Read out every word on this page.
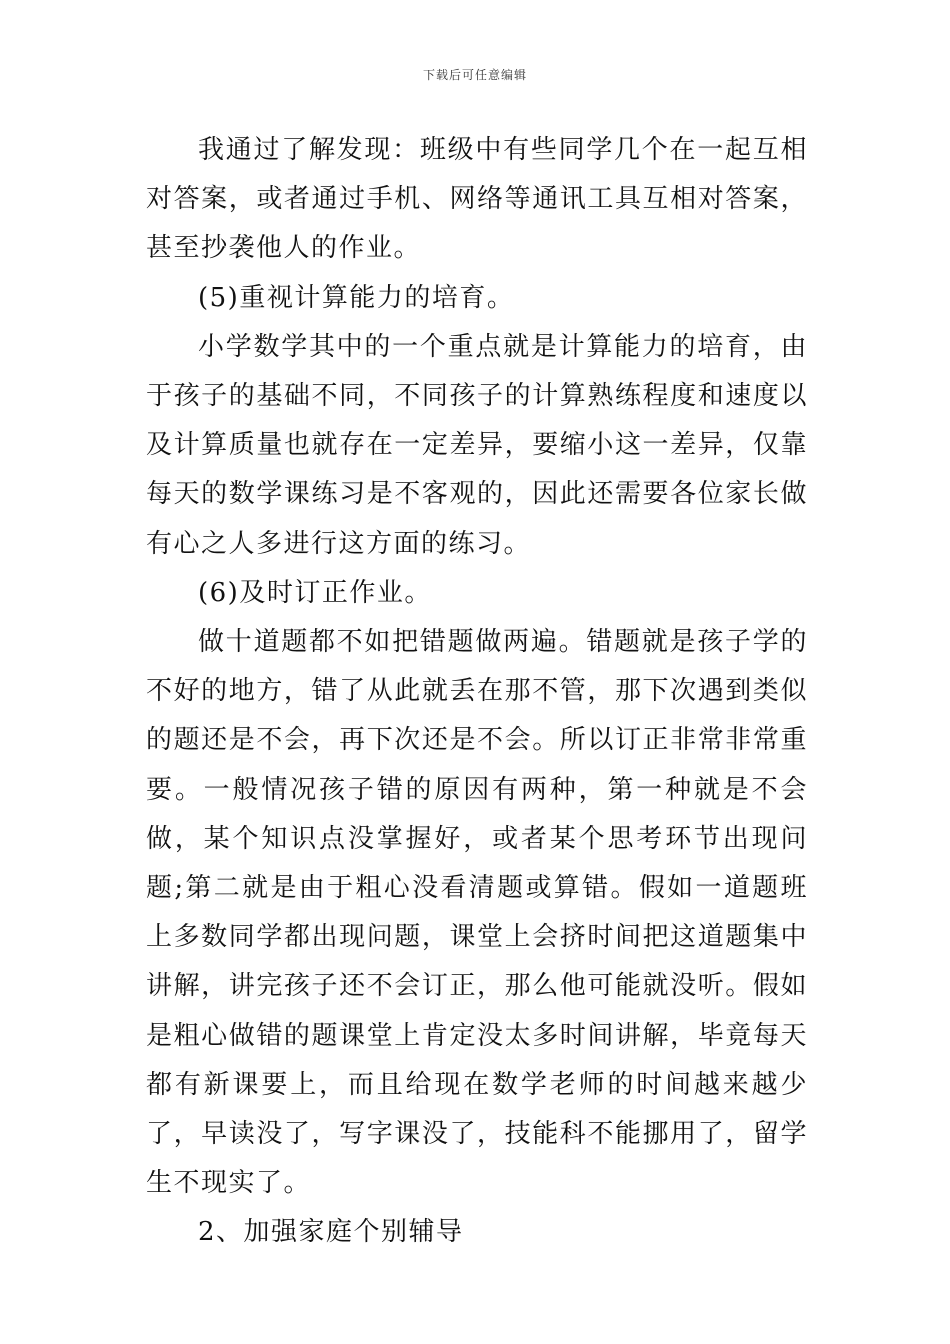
下载后可任意编辑

我通过了解发现：班级中有些同学几个在一起互相对答案，或者通过手机、网络等通讯工具互相对答案，甚至抄袭他人的作业。

(5)重视计算能力的培育。

小学数学其中的一个重点就是计算能力的培育，由于孩子的基础不同，不同孩子的计算熟练程度和速度以及计算质量也就存在一定差异，要缩小这一差异，仅靠每天的数学课练习是不客观的，因此还需要各位家长做有心之人多进行这方面的练习。

(6)及时订正作业。

做十道题都不如把错题做两遍。错题就是孩子学的不好的地方，错了从此就丢在那不管，那下次遇到类似的题还是不会，再下次还是不会。所以订正非常非常重要。一般情况孩子错的原因有两种，第一种就是不会做，某个知识点没掌握好，或者某个思考环节出现问题;第二就是由于粗心没看清题或算错。假如一道题班上多数同学都出现问题，课堂上会挤时间把这道题集中讲解，讲完孩子还不会订正，那么他可能就没听。假如是粗心做错的题课堂上肯定没太多时间讲解，毕竟每天都有新课要上，而且给现在数学老师的时间越来越少了，早读没了，写字课没了，技能科不能挪用了，留学生不现实了。

2、加强家庭个别辅导
